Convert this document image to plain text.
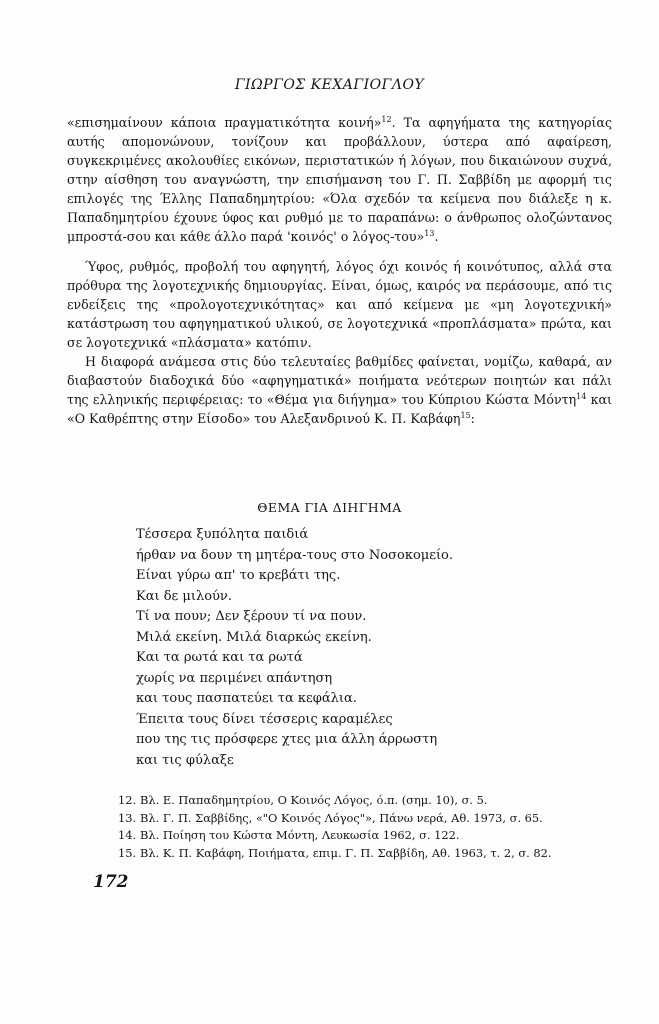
ΓΙΩΡΓΟΣ ΚΕΧΑΓΙΟΓΛΟΥ

«επισημαίνουν κάποια πραγματικότητα κοινή»$^{12}$. Τα αφηγήματα της κατηγορίας αυτής απομονώνουν, τονίζουν και προβάλλουν, ύστερα από αφαίρεση, συγκεκριμένες ακολουθίες εικόνων, περιστατικών ή λόγων, που δικαιώνουν συχνά, στην αίσθηση του αναγνώστη, την επισήμανση του Γ. Π. Σαββίδη με αφορμή τις επιλογές της Έλλης Παπαδημητρίου: «Όλα σχεδόν τα κείμενα που διάλεξε η κ. Παπαδημητρίου έχουνε ύφος και ρυθμό με το παραπάνω: ο άνθρωπος ολοζώντανος μπροστά-σου και κάθε άλλο παρά 'κοινός' ο λόγος-του»$^{13}$.

Ύφος, ρυθμός, προβολή του αφηγητή, λόγος όχι κοινός ή κοινότυπος, αλλά στα πρόθυρα της λογοτεχνικής δημιουργίας. Είναι, όμως, καιρός να περάσουμε, από τις ενδείξεις της «προλογοτεχνικότητας» και από κείμενα με «μη λογοτεχνική» κατάστρωση του αφηγηματικού υλικού, σε λογοτεχνικά «προπλάσματα» πρώτα, και σε λογοτεχνικά «πλάσματα» κατόπιν.

Η διαφορά ανάμεσα στις δύο τελευταίες βαθμίδες φαίνεται, νομίζω, καθαρά, αν διαβαστούν διαδοχικά δύο «αφηγηματικά» ποιήματα νεότερων ποιητών και πάλι της ελληνικής περιφέρειας: το «Θέμα για διήγημα» του Κύπριου Κώστα Μόντη$^{14}$ και «Ο Καθρέπτης στην Είσοδο» του Αλεξανδρινού Κ. Π. Καβάφη$^{15}$:

ΘΕΜΑ ΓΙΑ ΔΙΗΓΗΜΑ
Τέσσερα ξυπόλητα παιδιά
ήρθαν να δουν τη μητέρα-τους στο Νοσοκομείο.
Είναι γύρω απ' το κρεβάτι της.
Και δε μιλούν.
Τί να πουν; Δεν ξέρουν τί να πουν.
Μιλά εκείνη. Μιλά διαρκώς εκείνη.
Και τα ρωτά και τα ρωτά
χωρίς να περιμένει απάντηση
και τους πασπατεύει τα κεφάλια.
Έπειτα τους δίνει τέσσερις καραμέλες
που της τις πρόσφερε χτες μια άλλη άρρωστη
και τις φύλαξε
12. Βλ. Ε. Παπαδημητρίου, Ο Κοινός Λόγος, ό.π. (σημ. 10), σ. 5.
13. Βλ. Γ. Π. Σαββίδης, «"Ο Κοινός Λόγος"», Πάνω νερά, Αθ. 1973, σ. 65.
14. Βλ. Ποίηση του Κώστα Μόντη, Λευκωσία 1962, σ. 122.
15. Βλ. Κ. Π. Καβάφη, Ποιήματα, επιμ. Γ. Π. Σαββίδη, Αθ. 1963, τ. 2, σ. 82.
172
